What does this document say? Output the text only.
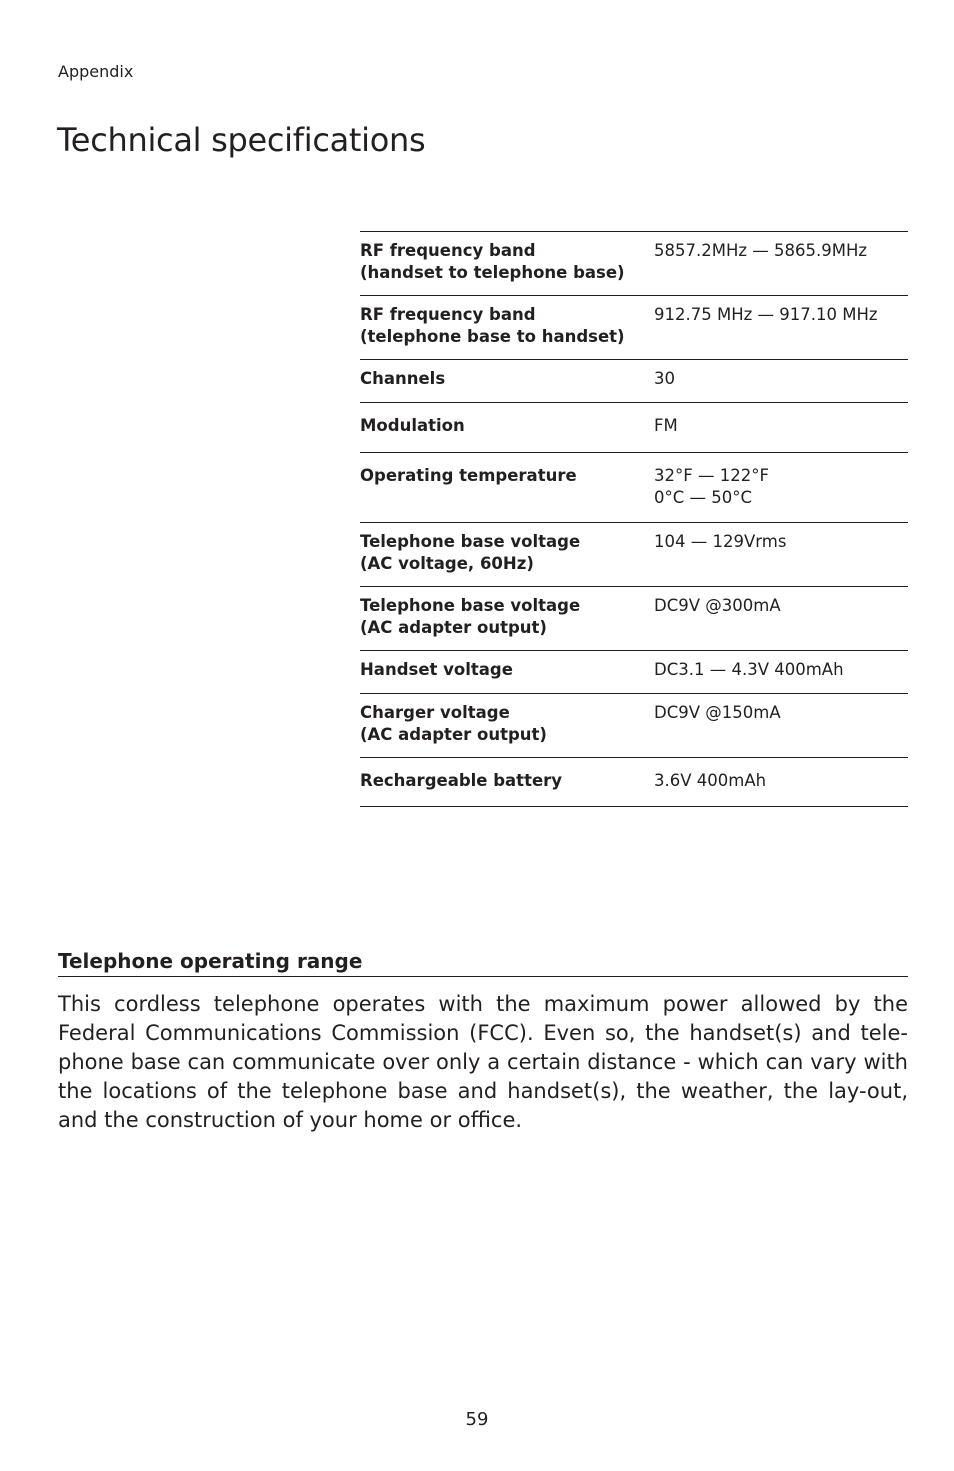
Appendix
Technical specifications
RF frequency band
(handset to telephone base)	5857.2MHz — 5865.9MHz

RF frequency band
(telephone base to handset)	912.75 MHz — 917.10 MHz

Channels	30

Modulation	FM

Operating temperature	32°F — 122°F
0°C — 50°C

Telephone base voltage
(AC voltage, 60Hz)	104 — 129Vrms

Telephone base voltage
(AC adapter output)	DC9V @300mA

Handset voltage	DC3.1 — 4.3V 400mAh

Charger voltage
(AC adapter output)	DC9V @150mA

Rechargeable battery	3.6V 400mAh
Telephone operating range

This cordless telephone operates with the maximum power allowed by the Federal Communications Commission (FCC). Even so, the handset(s) and tele-phone base can communicate over only a certain distance - which can vary with the locations of the telephone base and handset(s), the weather, the lay-out, and the construction of your home or office.

59
